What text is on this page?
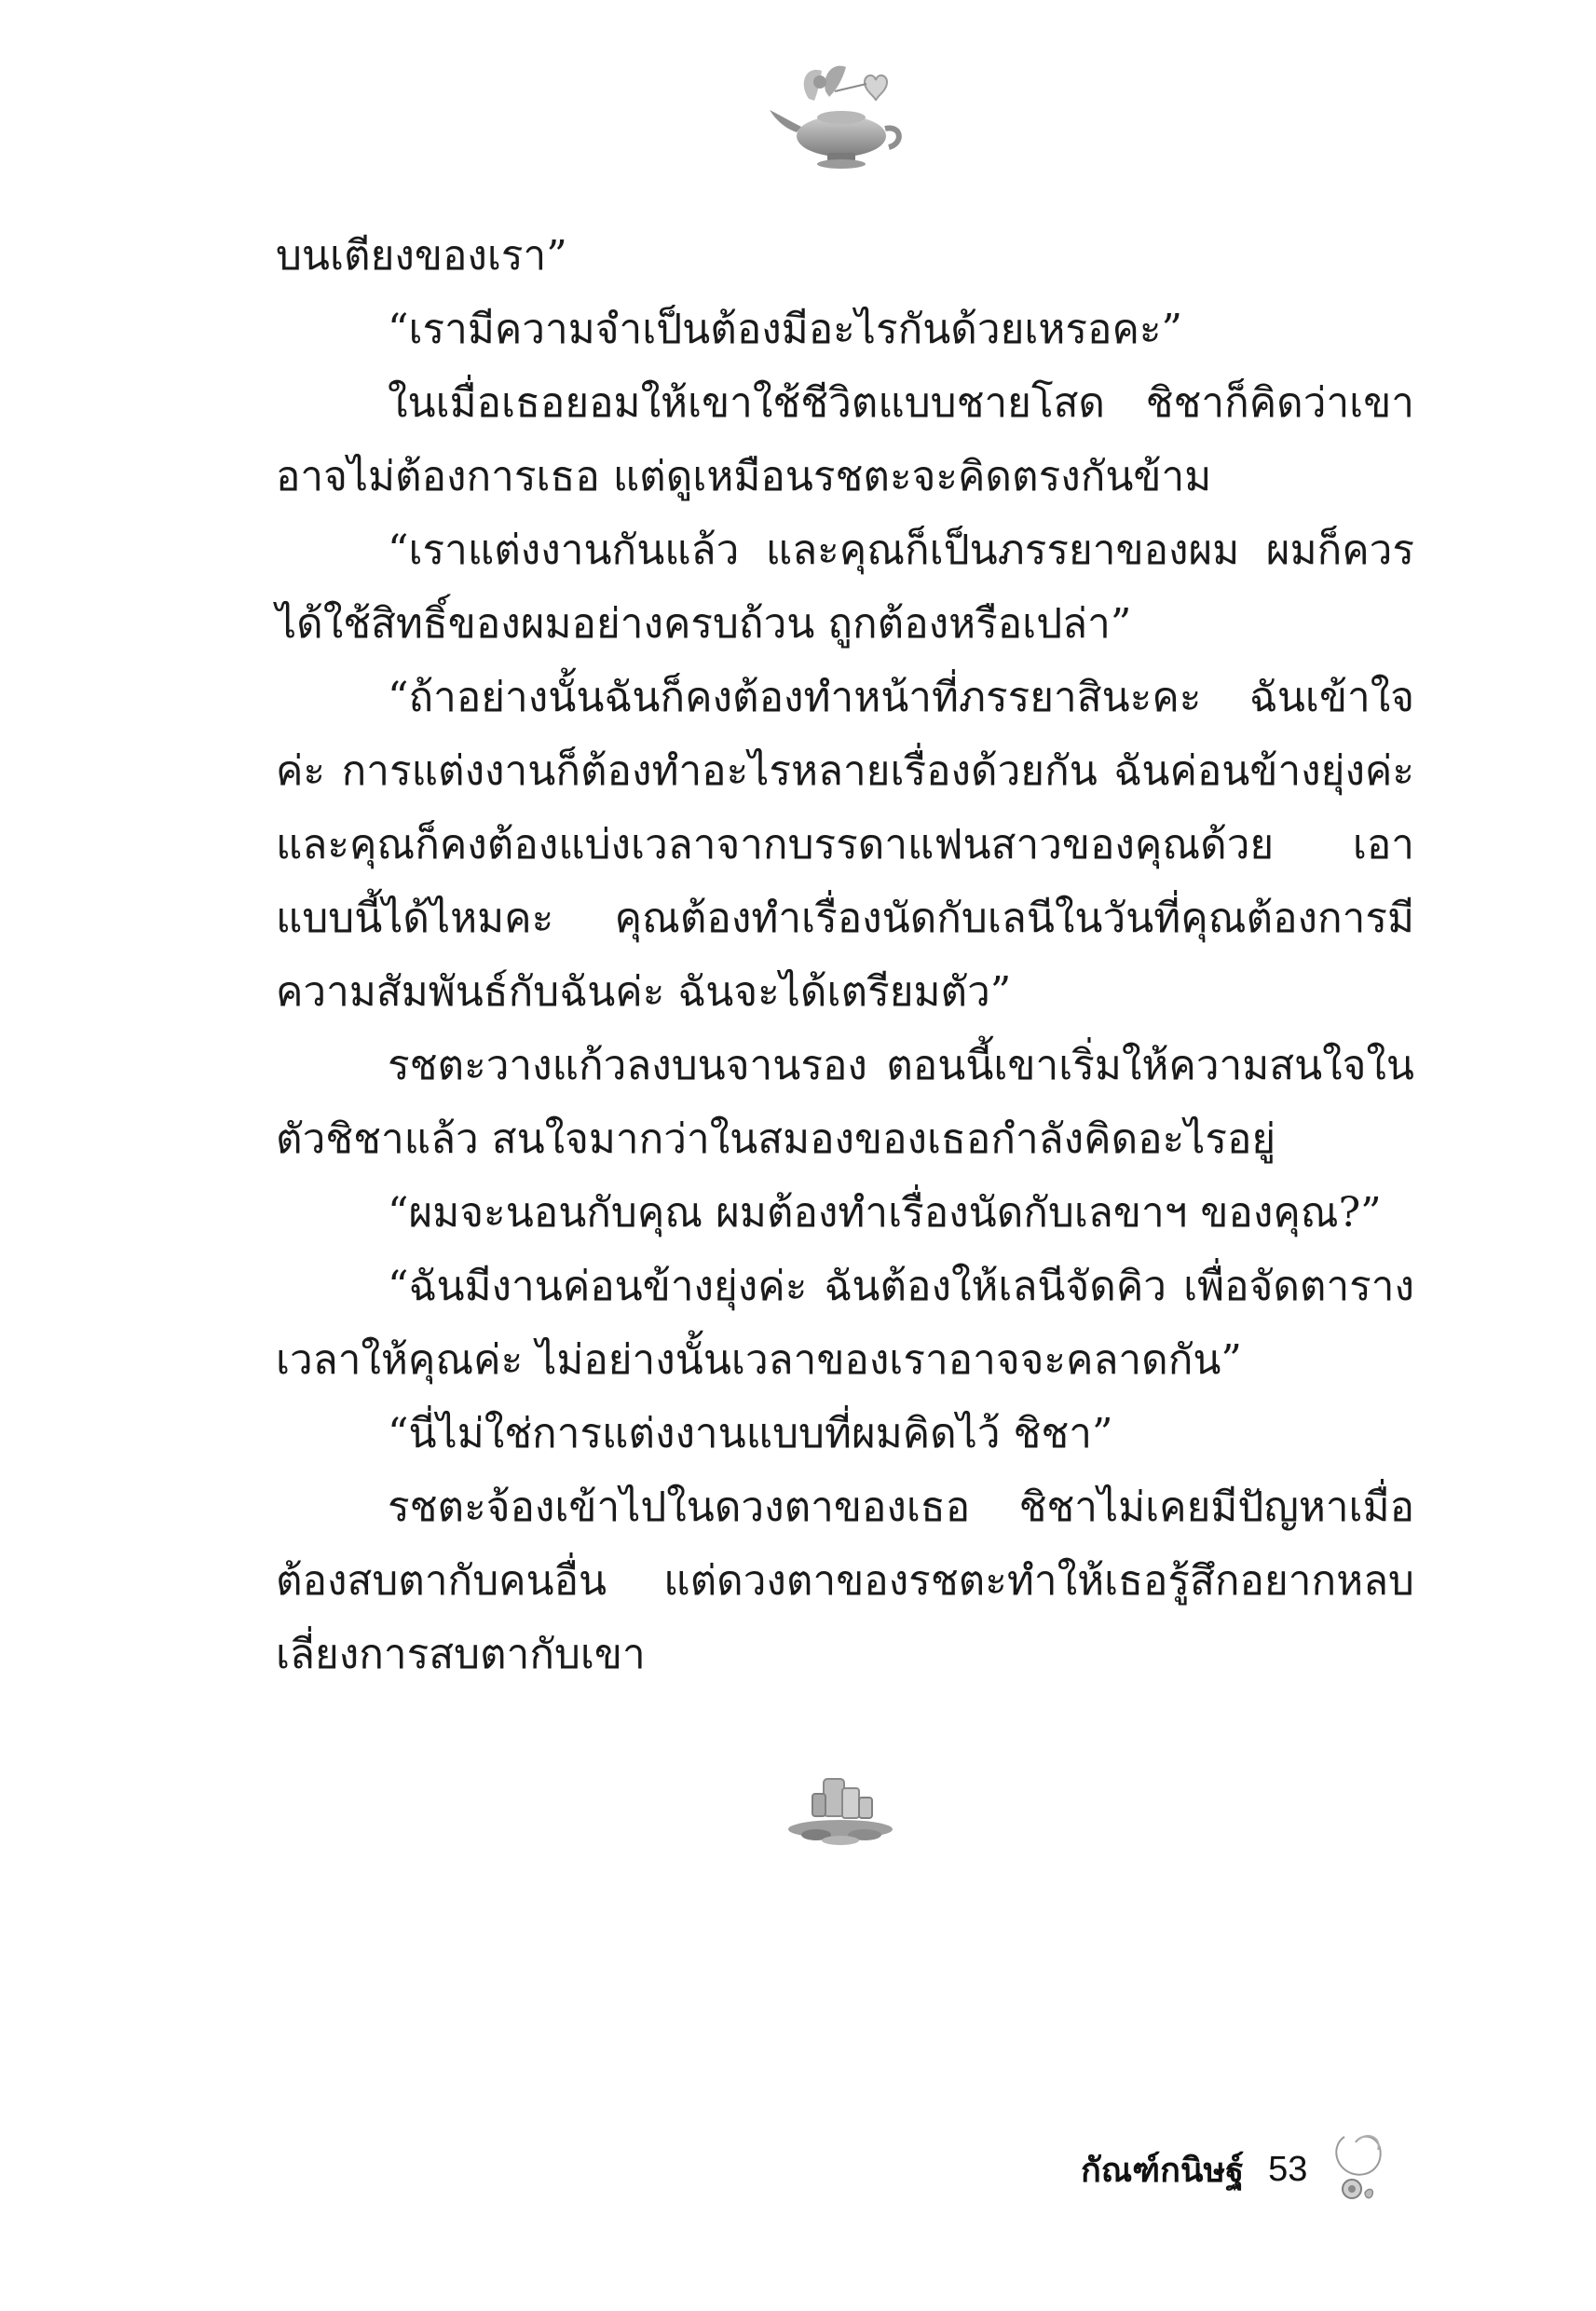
บนเตียงของเรา”

“เรามีความจำเป็นต้องมีอะไรกันด้วยเหรอคะ”

ในเมื่อเธอยอมให้เขาใช้ชีวิตแบบชายโสด ชิชาก็คิดว่าเขาอาจไม่ต้องการเธอ แต่ดูเหมือนรชตะจะคิดตรงกันข้าม

“เราแต่งงานกันแล้ว และคุณก็เป็นภรรยาของผม ผมก็ควรได้ใช้สิทธิ์ของผมอย่างครบถ้วน ถูกต้องหรือเปล่า”

“ถ้าอย่างนั้นฉันก็คงต้องทำหน้าที่ภรรยาสินะคะ ฉันเข้าใจค่ะ การแต่งงานก็ต้องทำอะไรหลายเรื่องด้วยกัน ฉันค่อนข้างยุ่งค่ะ และคุณก็คงต้องแบ่งเวลาจากบรรดาแฟนสาวของคุณด้วย เอาแบบนี้ได้ไหมคะ คุณต้องทำเรื่องนัดกับเลนีในวันที่คุณต้องการมีความสัมพันธ์กับฉันค่ะ ฉันจะได้เตรียมตัว”

รชตะวางแก้วลงบนจานรอง ตอนนี้เขาเริ่มให้ความสนใจในตัวชิชาแล้ว สนใจมากว่าในสมองของเธอกำลังคิดอะไรอยู่

“ผมจะนอนกับคุณ ผมต้องทำเรื่องนัดกับเลขาฯ ของคุณ?”

“ฉันมีงานค่อนข้างยุ่งค่ะ ฉันต้องให้เลนีจัดคิว เพื่อจัดตารางเวลาให้คุณค่ะ ไม่อย่างนั้นเวลาของเราอาจจะคลาดกัน”

“นี่ไม่ใช่การแต่งงานแบบที่ผมคิดไว้ ชิชา”

รชตะจ้องเข้าไปในดวงตาของเธอ ชิชาไม่เคยมีปัญหาเมื่อต้องสบตากับคนอื่น แต่ดวงตาของรชตะทำให้เธอรู้สึกอยากหลบเลี่ยงการสบตากับเขา

กัณฑ์กนิษฐ์ 53
